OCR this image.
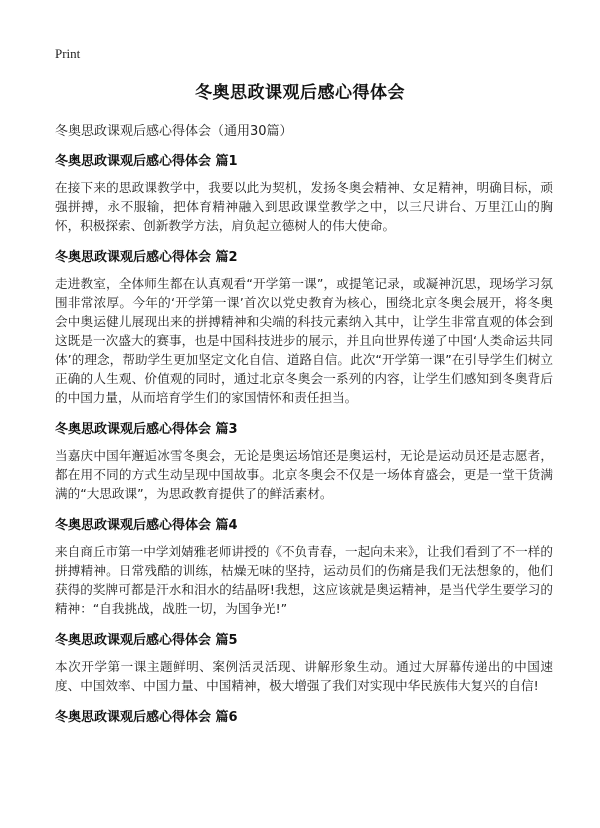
Print
冬奥思政课观后感心得体会
冬奥思政课观后感心得体会（通用30篇）
冬奥思政课观后感心得体会 篇1
在接下来的思政课教学中，我要以此为契机，发扬冬奥会精神、女足精神，明确目标，顽强拼搏，永不服输，把体育精神融入到思政课堂教学之中，以三尺讲台、万里江山的胸怀，积极探索、创新教学方法，肩负起立德树人的伟大使命。
冬奥思政课观后感心得体会 篇2
走进教室，全体师生都在认真观看“开学第一课”，或提笔记录，或凝神沉思，现场学习氛围非常浓厚。今年的‘开学第一课’首次以党史教育为核心，围绕北京冬奥会展开，将冬奥会中奥运健儿展现出来的拼搏精神和尖端的科技元素纳入其中，让学生非常直观的体会到这既是一次盛大的赛事，也是中国科技进步的展示，并且向世界传递了中国‘人类命运共同体’的理念，帮助学生更加坚定文化自信、道路自信。此次“开学第一课”在引导学生们树立正确的人生观、价值观的同时，通过北京冬奥会一系列的内容，让学生们感知到冬奥背后的中国力量，从而培育学生们的家国情怀和责任担当。
冬奥思政课观后感心得体会 篇3
当嘉庆中国年邂逅冰雪冬奥会，无论是奥运场馆还是奥运村，无论是运动员还是志愿者，都在用不同的方式生动呈现中国故事。北京冬奥会不仅是一场体育盛会，更是一堂干货满满的“大思政课”，为思政教育提供了的鲜活素材。
冬奥思政课观后感心得体会 篇4
来自商丘市第一中学刘婧雅老师讲授的《不负青春，一起向未来》，让我们看到了不一样的拼搏精神。日常残酷的训练，枯燥无味的坚持，运动员们的伤痛是我们无法想象的，他们获得的奖牌可都是汗水和泪水的结晶呀!我想，这应该就是奥运精神，是当代学生要学习的精神：“自我挑战，战胜一切，为国争光!”
冬奥思政课观后感心得体会 篇5
本次开学第一课主题鲜明、案例活灵活现、讲解形象生动。通过大屏幕传递出的中国速度、中国效率、中国力量、中国精神，极大增强了我们对实现中华民族伟大复兴的自信!
冬奥思政课观后感心得体会 篇6
